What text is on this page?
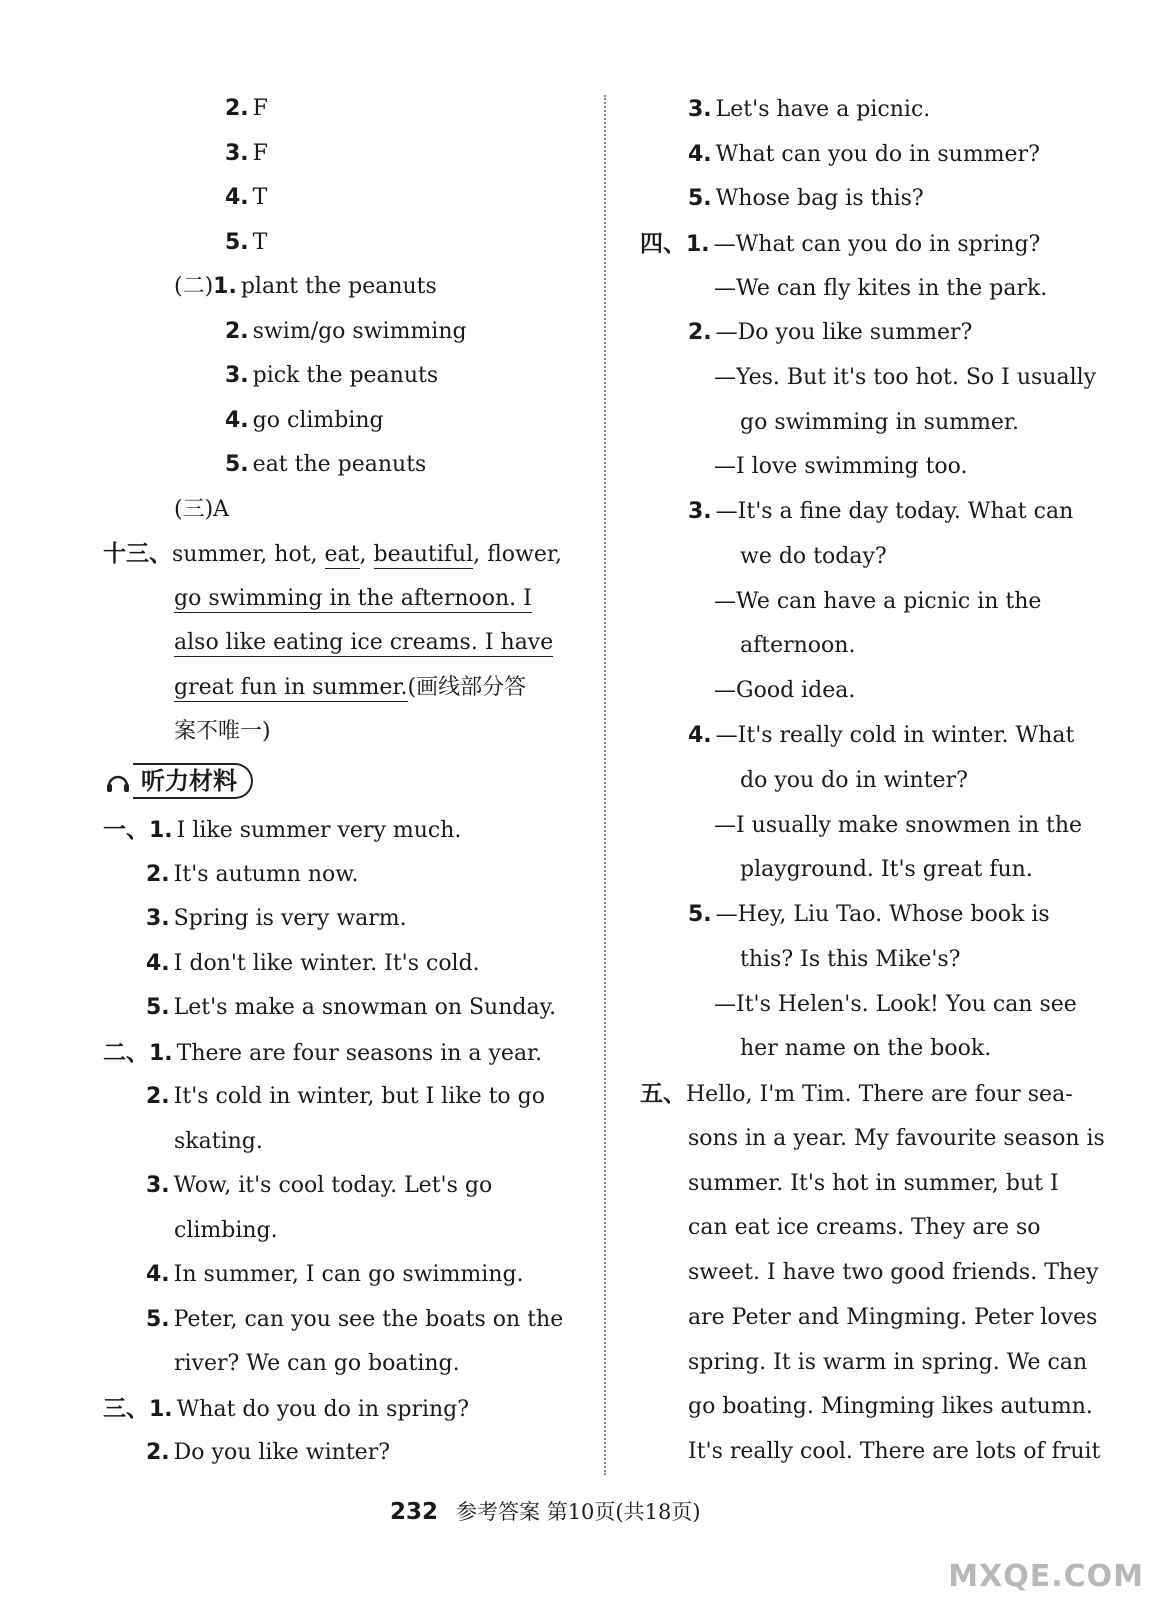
2. F
3. F
4. T
5. T
(二)1. plant the peanuts
2. swim/go swimming
3. pick the peanuts
4. go climbing
5. eat the peanuts
(三)A
十三、summer, hot, eat, beautiful, flower,
go swimming in the afternoon. I
also like eating ice creams. I have
great fun in summer.(画线部分答
案不唯一)
听力材料
一、1. I like summer very much.
2. It's autumn now.
3. Spring is very warm.
4. I don't like winter. It's cold.
5. Let's make a snowman on Sunday.
二、1. There are four seasons in a year.
2. It's cold in winter, but I like to go
skating.
3. Wow, it's cool today. Let's go
climbing.
4. In summer, I can go swimming.
5. Peter, can you see the boats on the
river? We can go boating.
三、1. What do you do in spring?
2. Do you like winter?
3. Let's have a picnic.
4. What can you do in summer?
5. Whose bag is this?
四、1. —What can you do in spring?
—We can fly kites in the park.
2. —Do you like summer?
—Yes. But it's too hot. So I usually
go swimming in summer.
—I love swimming too.
3. —It's a fine day today. What can
we do today?
—We can have a picnic in the
afternoon.
—Good idea.
4. —It's really cold in winter. What
do you do in winter?
—I usually make snowmen in the
playground. It's great fun.
5. —Hey, Liu Tao. Whose book is
this? Is this Mike's?
—It's Helen's. Look! You can see
her name on the book.
五、Hello, I'm Tim. There are four sea-
sons in a year. My favourite season is
summer. It's hot in summer, but I
can eat ice creams. They are so
sweet. I have two good friends. They
are Peter and Mingming. Peter loves
spring. It is warm in spring. We can
go boating. Mingming likes autumn.
It's really cool. There are lots of fruit
232 参考答案 第10页(共18页)
MXQE.COM
